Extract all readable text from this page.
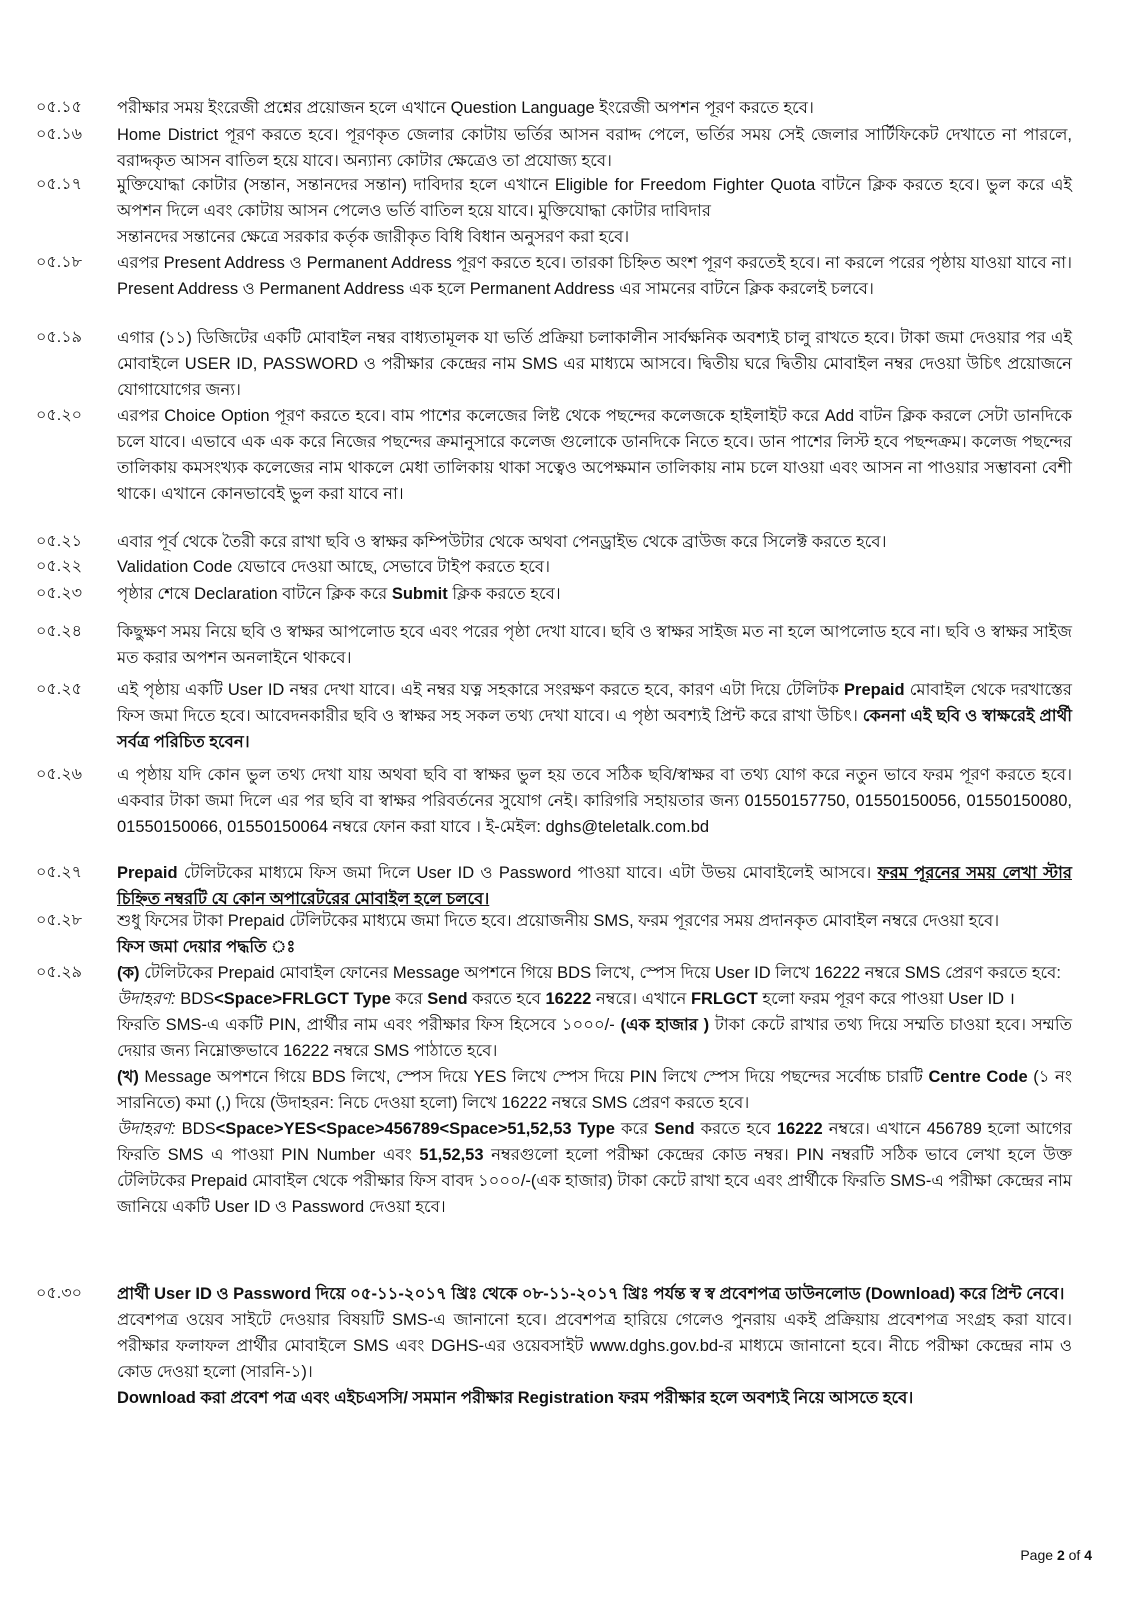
০৫.১৫ পরীক্ষার সময় ইংরেজী প্রশ্নের প্রয়োজন হলে এখানে Question Language ইংরেজী অপশন পূরণ করতে হবে।
০৫.১৬ Home District পূরণ করতে হবে। পূরণকৃত জেলার কোটায় ভর্তির আসন বরাদ্দ পেলে, ভর্তির সময় সেই জেলার সার্টিফিকেট দেখাতে না পারলে, বরাদ্দকৃত আসন বাতিল হয়ে যাবে। অন্যান্য কোটার ক্ষেত্রেও তা প্রযোজ্য হবে।
০৫.১৭ মুক্তিযোদ্ধা কোটার (সন্তান, সন্তানদের সন্তান) দাবিদার হলে এখানে Eligible for Freedom Fighter Quota বাটনে ক্লিক করতে হবে। ভুল করে এই অপশন দিলে এবং কোটায় আসন পেলেও ভর্তি বাতিল হয়ে যাবে। মুক্তিযোদ্ধা কোটার দাবিদার
সন্তানদের সন্তানের ক্ষেত্রে সরকার কর্তৃক জারীকৃত বিধি বিধান অনুসরণ করা হবে।
০৫.১৮ এরপর Present Address ও Permanent Address পূরণ করতে হবে। তারকা চিহ্নিত অংশ পূরণ করতেই হবে। না করলে পরের পৃষ্ঠায় যাওয়া যাবে না। Present Address ও Permanent Address এক হলে Permanent Address এর সামনের বাটনে ক্লিক করলেই চলবে।
০৫.১৯ এগার (১১) ডিজিটের একটি মোবাইল নম্বর বাধ্যতামূলক যা ভর্তি প্রক্রিয়া চলাকালীন সার্বক্ষনিক অবশ্যই চালু রাখতে হবে। টাকা জমা দেওয়ার পর এই মোবাইলে USER ID, PASSWORD ও পরীক্ষার কেন্দ্রের নাম SMS এর মাধ্যমে আসবে। দ্বিতীয় ঘরে দ্বিতীয় মোবাইল নম্বর দেওয়া উচিৎ প্রয়োজনে যোগাযোগের জন্য।
০৫.২০ এরপর Choice Option পূরণ করতে হবে। বাম পাশের কলেজের লিষ্ট থেকে পছন্দের কলেজকে হাইলাইট করে Add বাটন ক্লিক করলে সেটা ডানদিকে চলে যাবে। এভাবে এক এক করে নিজের পছন্দের ক্রমানুসারে কলেজ গুলোকে ডানদিকে নিতে হবে। ডান পাশের লিস্ট হবে পছন্দক্রম। কলেজ পছন্দের তালিকায় কমসংখ্যক কলেজের নাম থাকলে মেধা তালিকায় থাকা সত্বেও অপেক্ষমান তালিকায় নাম চলে যাওয়া এবং আসন না পাওয়ার সম্ভাবনা বেশী থাকে। এখানে কোনভাবেই ভুল করা যাবে না।
০৫.২১ এবার পূর্ব থেকে তৈরী করে রাখা ছবি ও স্বাক্ষর কম্পিউটার থেকে অথবা পেনড্রাইভ থেকে ব্রাউজ করে সিলেক্ট করতে হবে।
০৫.২২ Validation Code যেভাবে দেওয়া আছে, সেভাবে টাইপ করতে হবে।
০৫.২৩ পৃষ্ঠার শেষে Declaration বাটনে ক্লিক করে Submit ক্লিক করতে হবে।
০৫.২৪ কিছুক্ষণ সময় নিয়ে ছবি ও স্বাক্ষর আপলোড হবে এবং পরের পৃষ্ঠা দেখা যাবে। ছবি ও স্বাক্ষর সাইজ মত না হলে আপলোড হবে না। ছবি ও স্বাক্ষর সাইজ মত করার অপশন অনলাইনে থাকবে।
০৫.২৫ এই পৃষ্ঠায় একটি User ID নম্বর দেখা যাবে। এই নম্বর যত্ন সহকারে সংরক্ষণ করতে হবে, কারণ এটা দিয়ে টেলিটক Prepaid মোবাইল থেকে দরখাস্তের ফিস জমা দিতে হবে। আবেদনকারীর ছবি ও স্বাক্ষর সহ সকল তথ্য দেখা যাবে। এ পৃষ্ঠা অবশ্যই প্রিন্ট করে রাখা উচিৎ। কেননা এই ছবি ও স্বাক্ষরেই প্রার্থী সর্বত্র পরিচিত হবেন।
০৫.২৬ এ পৃষ্ঠায় যদি কোন ভুল তথ্য দেখা যায় অথবা ছবি বা স্বাক্ষর ভুল হয় তবে সঠিক ছবি/স্বাক্ষর বা তথ্য যোগ করে নতুন ভাবে ফরম পূরণ করতে হবে। একবার টাকা জমা দিলে এর পর ছবি বা স্বাক্ষর পরিবর্তনের সুযোগ নেই। কারিগরি সহায়তার জন্য 01550157750, 01550150056, 01550150080, 01550150066, 01550150064 নম্বরে ফোন করা যাবে । ই-মেইল: dghs@teletalk.com.bd
০৫.২৭ Prepaid টেলিটকের মাধ্যমে ফিস জমা দিলে User ID ও Password পাওয়া যাবে। এটা উভয় মোবাইলেই আসবে। ফরম পূরনের সময় লেখা স্টার চিহ্নিত নম্বরটি যে কোন অপারেটরের মোবাইল হলে চলবে।
০৫.২৮ শুধু ফিসের টাকা Prepaid টেলিটকের মাধ্যমে জমা দিতে হবে। প্রয়োজনীয় SMS, ফরম পূরণের সময় প্রদানকৃত মোবাইল নম্বরে দেওয়া হবে।
ফিস জমা দেয়ার পদ্ধতি ঃ
০৫.২৯ (ক) টেলিটকের Prepaid মোবাইল ফোনের Message অপশনে গিয়ে BDS লিখে, স্পেস দিয়ে User ID লিখে 16222 নম্বরে SMS প্রেরণ করতে হবে:
উদাহরণ: BDS<Space>FRLGCT Type করে Send করতে হবে 16222 নম্বরে। এখানে FRLGCT হলো ফরম পূরণ করে পাওয়া User ID ।
ফিরতি SMS-এ একটি PIN, প্রার্থীর নাম এবং পরীক্ষার ফিস হিসেবে ১০০০/- (এক হাজার ) টাকা কেটে রাখার তথ্য দিয়ে সম্মতি চাওয়া হবে। সম্মতি দেয়ার জন্য নিম্নোক্তভাবে 16222 নম্বরে SMS পাঠাতে হবে।
(খ) Message অপশনে গিয়ে BDS লিখে, স্পেস দিয়ে YES লিখে স্পেস দিয়ে PIN লিখে স্পেস দিয়ে পছন্দের সর্বোচ্চ চারটি Centre Code (১ নং সারনিতে) কমা (,) দিয়ে (উদাহরন: নিচে দেওয়া হলো) লিখে 16222 নম্বরে SMS প্রেরণ করতে হবে।
উদাহরণ: BDS<Space>YES<Space>456789<Space>51,52,53 Type করে Send করতে হবে 16222 নম্বরে। এখানে 456789 হলো আগের ফিরতি SMS এ পাওয়া PIN Number এবং 51,52,53 নম্বরগুলো হলো পরীক্ষা কেন্দ্রের কোড নম্বর। PIN নম্বরটি সঠিক ভাবে লেখা হলে উক্ত টেলিটকের Prepaid মোবাইল থেকে পরীক্ষার ফিস বাবদ ১০০০/-(এক হাজার) টাকা কেটে রাখা হবে এবং প্রার্থীকে ফিরতি SMS-এ পরীক্ষা কেন্দ্রের নাম জানিয়ে একটি User ID ও Password দেওয়া হবে।
০৫.৩০ প্রার্থী User ID ও Password দিয়ে ০৫-১১-২০১৭ খ্রিঃ থেকে ০৮-১১-২০১৭ খ্রিঃ পর্যন্ত স্ব স্ব প্রবেশপত্র ডাউনলোড (Download) করে প্রিন্ট নেবে।
প্রবেশপত্র ওয়েব সাইটে দেওয়ার বিষয়টি SMS-এ জানানো হবে। প্রবেশপত্র হারিয়ে গেলেও পুনরায় একই প্রক্রিয়ায় প্রবেশপত্র সংগ্রহ করা যাবে। পরীক্ষার ফলাফল প্রার্থীর মোবাইলে SMS এবং DGHS-এর ওয়েবসাইট www.dghs.gov.bd-র মাধ্যমে জানানো হবে। নীচে পরীক্ষা কেন্দ্রের নাম ও কোড দেওয়া হলো (সারনি-১)।
Download করা প্রবেশ পত্র এবং এইচএসসি/ সমমান পরীক্ষার Registration ফরম পরীক্ষার হলে অবশ্যই নিয়ে আসতে হবে।
Page 2 of 4
